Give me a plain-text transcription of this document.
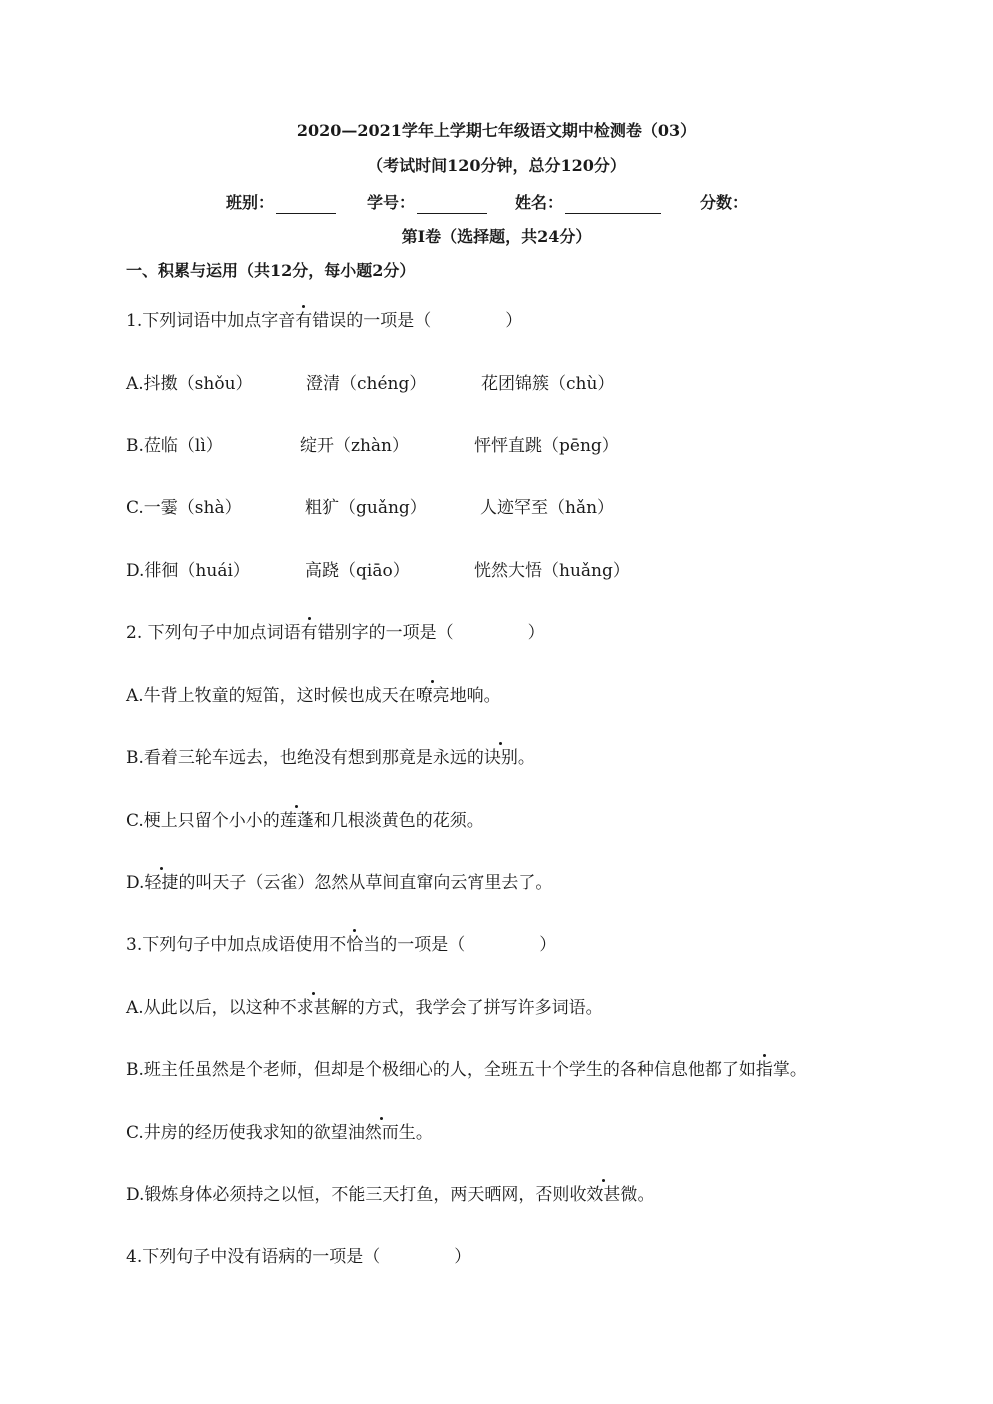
2020—2021学年上学期七年级语文期中检测卷（03）
（考试时间120分钟，总分120分）
班别：	学号：	姓名：	分数：
第Ⅰ卷（选择题，共24分）
一、积累与运用（共12分，每小题2分）
1.下列词语中加点字音有错误的一项是（	）
A.抖擞（shǒu）	澄清（chéng）	花团锦簇（chù）
B.莅临（lì）	绽开（zhàn）	怦怦直跳（pēng）
C.一霎（shà）	粗犷（guǎng）	人迹罕至（hǎn）
D.徘徊（huái）	高跷（qiāo）	恍然大悟（huǎng）
2. 下列句子中加点词语有错别字的一项是（	）
A.牛背上牧童的短笛，这时候也成天在嘹亮地响。
B.看着三轮车远去，也绝没有想到那竟是永远的诀别。
C.梗上只留个小小的莲蓬和几根淡黄色的花须。
D.轻捷的叫天子（云雀）忽然从草间直窜向云宵里去了。
3.下列句子中加点成语使用不恰当的一项是（	）
A.从此以后，以这种不求甚解的方式，我学会了拼写许多词语。
B.班主任虽然是个老师，但却是个极细心的人，全班五十个学生的各种信息他都了如指掌。
C.井房的经历使我求知的欲望油然而生。
D.锻炼身体必须持之以恒，不能三天打鱼，两天晒网，否则收效甚微。
4.下列句子中没有语病的一项是（	）
